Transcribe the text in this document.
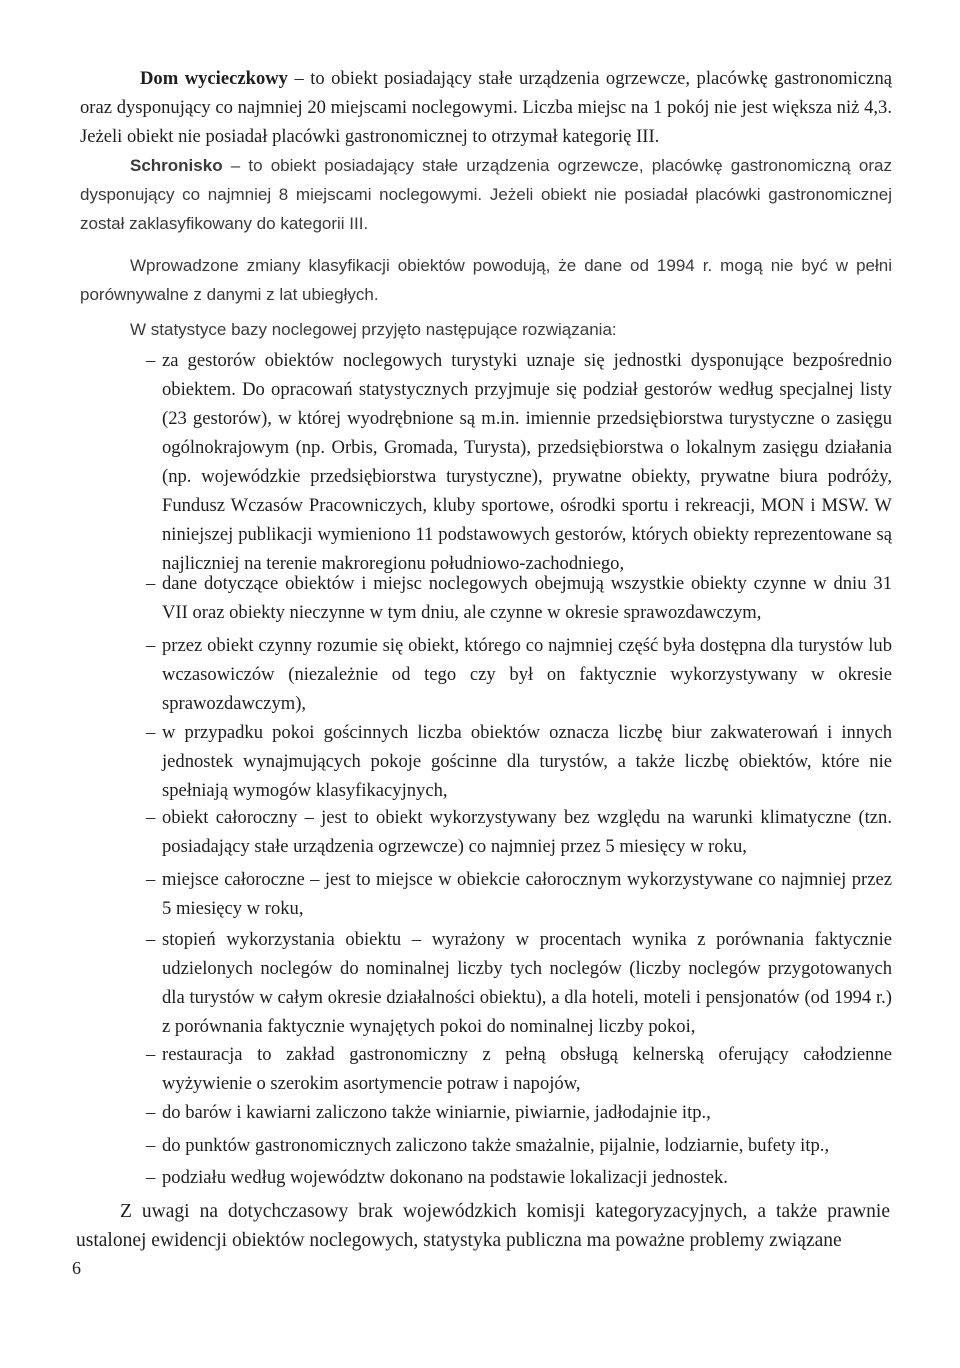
Dom wycieczkowy – to obiekt posiadający stałe urządzenia ogrzewcze, placówkę gastronomiczną oraz dysponujący co najmniej 20 miejscami noclegowymi. Liczba miejsc na 1 pokój nie jest większa niż 4,3. Jeżeli obiekt nie posiadał placówki gastronomicznej to otrzymał kategorię III.

Schronisko – to obiekt posiadający stałe urządzenia ogrzewcze, placówkę gastronomiczną oraz dysponujący co najmniej 8 miejscami noclegowymi. Jeżeli obiekt nie posiadał placówki gastronomicznej został zaklasyfikowany do kategorii III.

Wprowadzone zmiany klasyfikacji obiektów powodują, że dane od 1994 r. mogą nie być w pełni porównywalne z danymi z lat ubiegłych.

W statystyce bazy noclegowej przyjęto następujące rozwiązania:

– za gestorów obiektów noclegowych turystyki uznaje się jednostki dysponujące bezpośrednio obiektem. Do opracowań statystycznych przyjmuje się podział gestorów według specjalnej listy (23 gestorów), w której wyodrębnione są m.in. imiennie przedsiębiorstwa turystyczne o zasięgu ogólnokrajowym (np. Orbis, Gromada, Turysta), przedsiębiorstwa o lokalnym zasięgu działania (np. wojewódzkie przedsiębiorstwa turystyczne), prywatne obiekty, prywatne biura podróży, Fundusz Wczasów Pracowniczych, kluby sportowe, ośrodki sportu i rekreacji, MON i MSW. W niniejszej publikacji wymieniono 11 podstawowych gestorów, których obiekty reprezentowane są najliczniej na terenie makroregionu południowo-zachodniego,

– dane dotyczące obiektów i miejsc noclegowych obejmują wszystkie obiekty czynne w dniu 31 VII oraz obiekty nieczynne w tym dniu, ale czynne w okresie sprawozdawczym,

– przez obiekt czynny rozumie się obiekt, którego co najmniej część była dostępna dla turystów lub wczasowiczów (niezależnie od tego czy był on faktycznie wykorzystywany w okresie sprawozdawczym),

– w przypadku pokoi gościnnych liczba obiektów oznacza liczbę biur zakwaterowań i innych jednostek wynajmujących pokoje gościnne dla turystów, a także liczbę obiektów, które nie spełniają wymogów klasyfikacyjnych,

– obiekt całoroczny – jest to obiekt wykorzystywany bez względu na warunki klimatyczne (tzn. posiadający stałe urządzenia ogrzewcze) co najmniej przez 5 miesięcy w roku,

– miejsce całoroczne – jest to miejsce w obiekcie całorocznym wykorzystywane co najmniej przez 5 miesięcy w roku,

– stopień wykorzystania obiektu – wyrażony w procentach wynika z porównania faktycznie udzielonych noclegów do nominalnej liczby tych noclegów (liczby noclegów przygotowanych dla turystów w całym okresie działalności obiektu), a dla hoteli, moteli i pensjonatów (od 1994 r.) z porównania faktycznie wynajętych pokoi do nominalnej liczby pokoi,

– restauracja to zakład gastronomiczny z pełną obsługą kelnerską oferujący całodzienne wyżywienie o szerokim asortymencie potraw i napojów,

– do barów i kawiarni zaliczono także winiarnie, piwiarnie, jadłodajnie itp.,

– do punktów gastronomicznych zaliczono także smażalnie, pijalnie, lodziarnie, bufety itp.,

– podziału według województw dokonano na podstawie lokalizacji jednostek.

Z uwagi na dotychczasowy brak wojewódzkich komisji kategoryzacyjnych, a także prawnie ustalonej ewidencji obiektów noclegowych, statystyka publiczna ma poważne problemy związane

6
